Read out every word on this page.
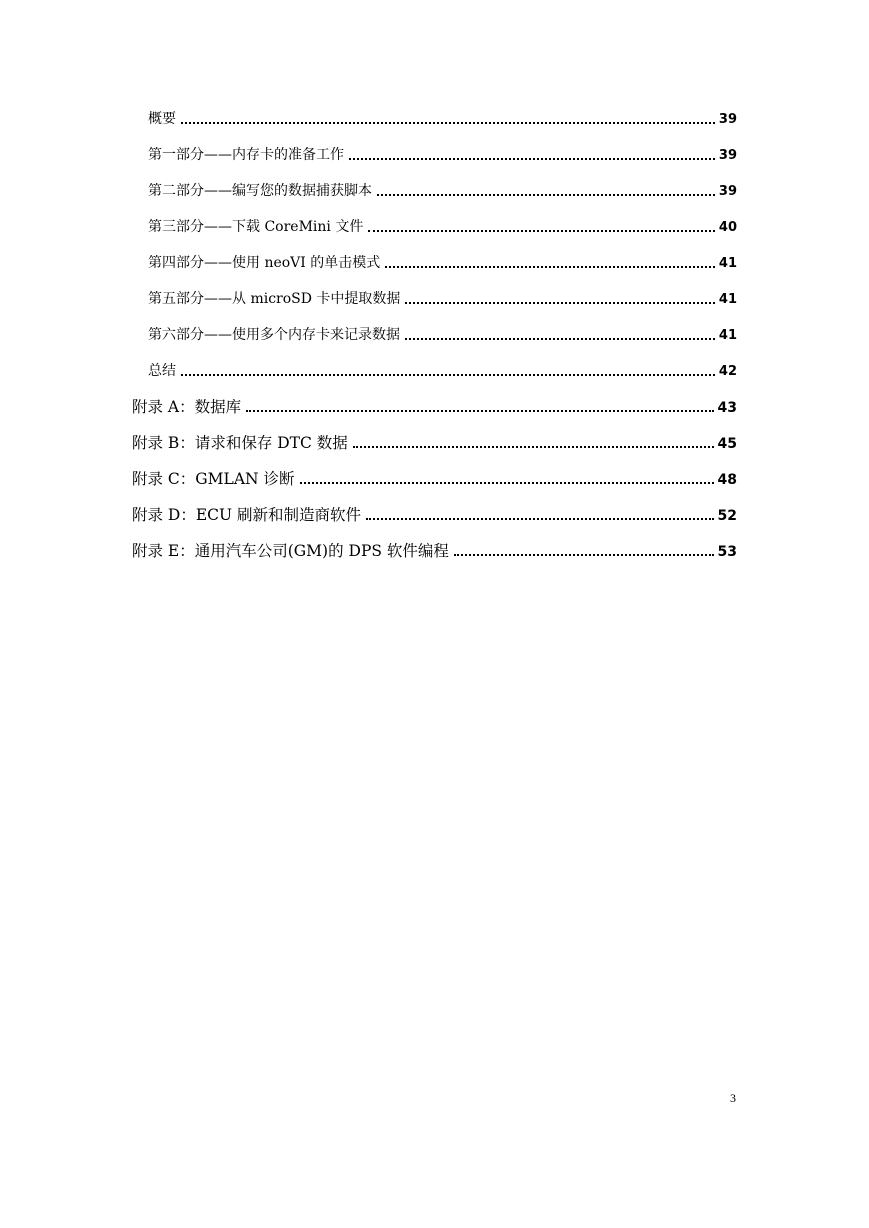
概要	39
第一部分——内存卡的准备工作	39
第二部分——编写您的数据捕获脚本	39
第三部分——下载 CoreMini 文件	40
第四部分——使用 neoVI 的单击模式	41
第五部分——从 microSD 卡中提取数据	41
第六部分——使用多个内存卡来记录数据	41
总结	42
附录 A：数据库	43
附录 B：请求和保存 DTC 数据	45
附录 C：GMLAN 诊断	48
附录 D：ECU 刷新和制造商软件	52
附录 E：通用汽车公司(GM)的 DPS 软件编程	53
3
